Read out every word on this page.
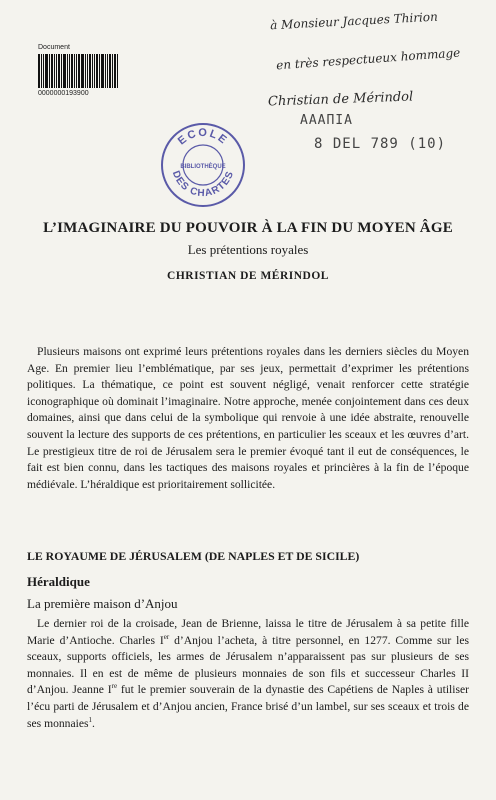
Document
0000000193900
à Monsieur Jacques Thirion
en très respectueux hommage
Christian de Mérindol
AAAПIA
8 DEL 789 (10)
ECOLE
DES CHARTES
BIBLIOTHÈQUE
L’IMAGINAIRE DU POUVOIR À LA FIN DU MOYEN ÂGE
Les prétentions royales
CHRISTIAN DE MÉRINDOL

Plusieurs maisons ont exprimé leurs prétentions royales dans les derniers siècles du Moyen Age. En premier lieu l’emblématique, par ses jeux, permettait d’exprimer les prétentions politiques. La thématique, ce point est souvent négligé, venait renforcer cette stratégie iconographique où dominait l’imaginaire. Notre approche, menée conjointement dans ces deux domaines, ainsi que dans celui de la symbolique qui renvoie à une idée abstraite, renouvelle souvent la lecture des supports de ces prétentions, en particulier les sceaux et les œuvres d’art. Le prestigieux titre de roi de Jérusalem sera le premier évoqué tant il eut de conséquences, le fait est bien connu, dans les tactiques des maisons royales et princières à la fin de l’époque médiévale. L’héraldique est prioritairement sollicitée.

LE ROYAUME DE JÉRUSALEM (DE NAPLES ET DE SICILE)
Héraldique
La première maison d’Anjou

Le dernier roi de la croisade, Jean de Brienne, laissa le titre de Jérusalem à sa petite fille Marie d’Antioche. Charles Ier d’Anjou l’acheta, à titre personnel, en 1277. Comme sur les sceaux, supports officiels, les armes de Jérusalem n’apparaissent pas sur plusieurs de ses monnaies. Il en est de même de plusieurs monnaies de son fils et successeur Charles II d’Anjou. Jeanne Ire fut le premier souverain de la dynastie des Capétiens de Naples à utiliser l’écu parti de Jérusalem et d’Anjou ancien, France brisé d’un lambel, sur ses sceaux et trois de ses monnaies$^1$.
